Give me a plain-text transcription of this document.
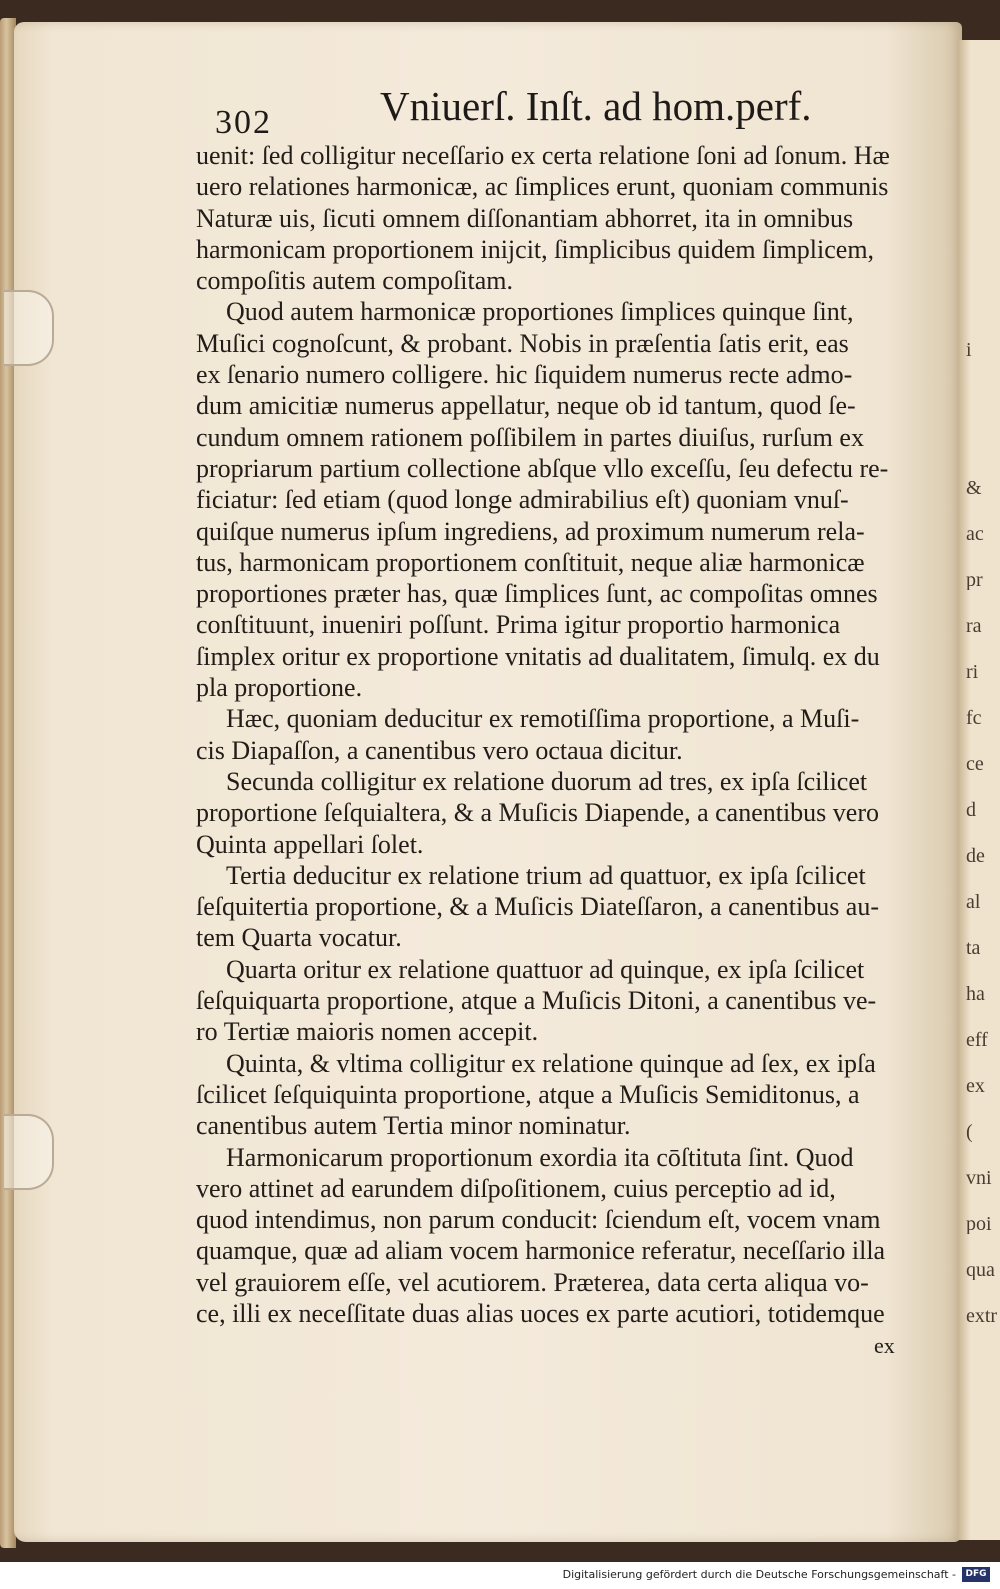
i
&
ac
pr
ra
ri
fc
ce
d
de
al
ta
ha
eff
ex
(
vni
poi
qua
extr
302	Vniuerſ. Inſt. ad hom.perf.
uenit: ſed colligitur neceſſario ex certa relatione ſoni ad ſonum. Hæ
uero relationes harmonicæ, ac ſimplices erunt, quoniam communis
Naturæ uis, ſicuti omnem diſſonantiam abhorret, ita in omnibus
harmonicam proportionem inijcit, ſimplicibus quidem ſimplicem,
compoſitis autem compoſitam.
Quod autem harmonicæ proportiones ſimplices quinque ſint,
Muſici cognoſcunt, & probant. Nobis in præſentia ſatis erit, eas
ex ſenario numero colligere. hic ſiquidem numerus recte admo-
dum amicitiæ numerus appellatur, neque ob id tantum, quod ſe-
cundum omnem rationem poſſibilem in partes diuiſus, rurſum ex
propriarum partium collectione abſque vllo exceſſu, ſeu defectu re-
ficiatur: ſed etiam (quod longe admirabilius eſt) quoniam vnuſ-
quiſque numerus ipſum ingrediens, ad proximum numerum rela-
tus, harmonicam proportionem conſtituit, neque aliæ harmonicæ
proportiones præter has, quæ ſimplices ſunt, ac compoſitas omnes
conſtituunt, inueniri poſſunt. Prima igitur proportio harmonica
ſimplex oritur ex proportione vnitatis ad dualitatem, ſimulq. ex du
pla proportione.
Hæc, quoniam deducitur ex remotiſſima proportione, a Muſi-
cis Diapaſſon, a canentibus vero octaua dicitur.
Secunda colligitur ex relatione duorum ad tres, ex ipſa ſcilicet
proportione ſeſquialtera, & a Muſicis Diapende, a canentibus vero
Quinta appellari ſolet.
Tertia deducitur ex relatione trium ad quattuor, ex ipſa ſcilicet
ſeſquitertia proportione, & a Muſicis Diateſſaron, a canentibus au-
tem Quarta vocatur.
Quarta oritur ex relatione quattuor ad quinque, ex ipſa ſcilicet
ſeſquiquarta proportione, atque a Muſicis Ditoni, a canentibus ve-
ro Tertiæ maioris nomen accepit.
Quinta, & vltima colligitur ex relatione quinque ad ſex, ex ipſa
ſcilicet ſeſquiquinta proportione, atque a Muſicis Semiditonus, a
canentibus autem Tertia minor nominatur.
Harmonicarum proportionum exordia ita cōſtituta ſint. Quod
vero attinet ad earundem diſpoſitionem, cuius perceptio ad id,
quod intendimus, non parum conducit: ſciendum eſt, vocem vnam
quamque, quæ ad aliam vocem harmonice referatur, neceſſario illa
vel grauiorem eſſe, vel acutiorem. Præterea, data certa aliqua vo-
ce, illi ex neceſſitate duas alias uoces ex parte acutiori, totidemque
ex
Digitalisierung gefördert durch die Deutsche Forschungsgemeinschaft -	DFG
